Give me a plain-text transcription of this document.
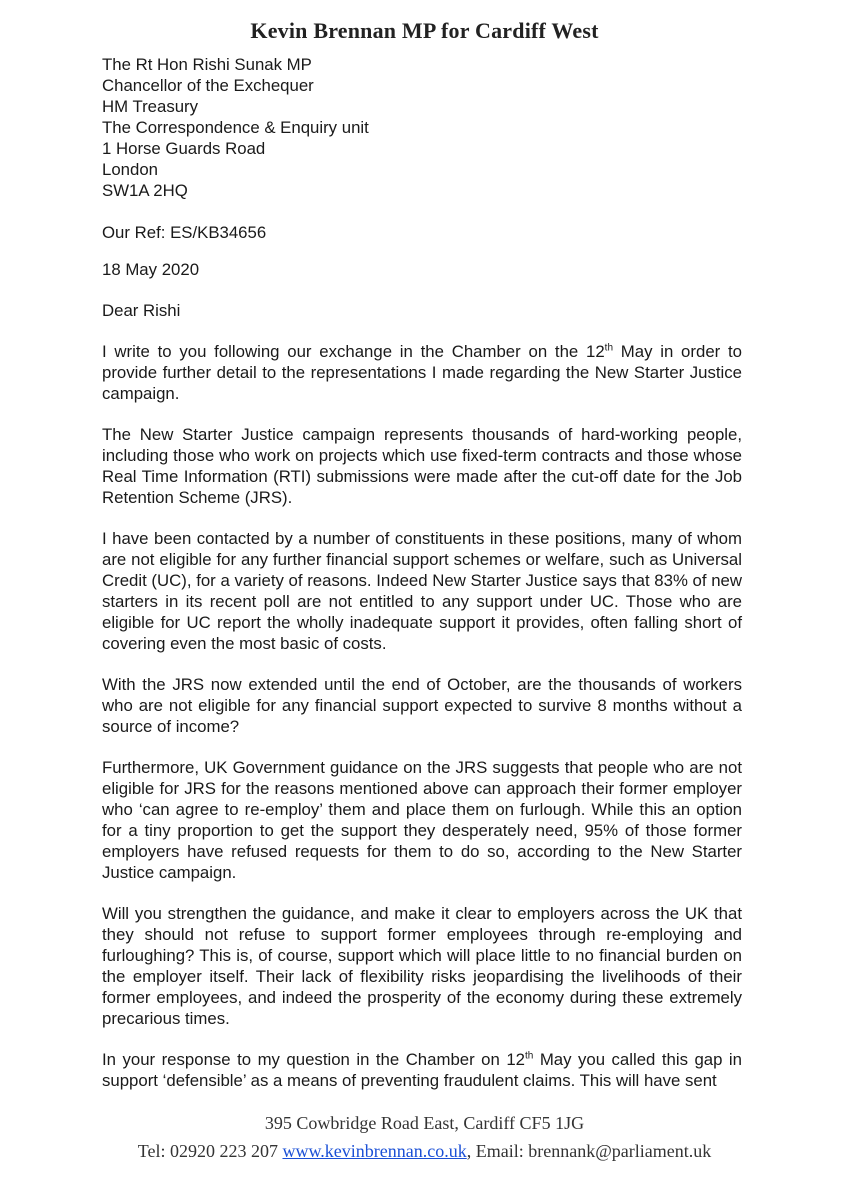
Kevin Brennan MP for Cardiff West
The Rt Hon Rishi Sunak MP
Chancellor of the Exchequer
HM Treasury
The Correspondence & Enquiry unit
1 Horse Guards Road
London
SW1A 2HQ
Our Ref: ES/KB34656
18 May 2020
Dear Rishi
I write to you following our exchange in the Chamber on the 12th May in order to provide further detail to the representations I made regarding the New Starter Justice campaign.
The New Starter Justice campaign represents thousands of hard-working people, including those who work on projects which use fixed-term contracts and those whose Real Time Information (RTI) submissions were made after the cut-off date for the Job Retention Scheme (JRS).
I have been contacted by a number of constituents in these positions, many of whom are not eligible for any further financial support schemes or welfare, such as Universal Credit (UC), for a variety of reasons. Indeed New Starter Justice says that 83% of new starters in its recent poll are not entitled to any support under UC. Those who are eligible for UC report the wholly inadequate support it provides, often falling short of covering even the most basic of costs.
With the JRS now extended until the end of October, are the thousands of workers who are not eligible for any financial support expected to survive 8 months without a source of income?
Furthermore, UK Government guidance on the JRS suggests that people who are not eligible for JRS for the reasons mentioned above can approach their former employer who ‘can agree to re-employ’ them and place them on furlough. While this an option for a tiny proportion to get the support they desperately need, 95% of those former employers have refused requests for them to do so, according to the New Starter Justice campaign.
Will you strengthen the guidance, and make it clear to employers across the UK that they should not refuse to support former employees through re-employing and furloughing? This is, of course, support which will place little to no financial burden on the employer itself. Their lack of flexibility risks jeopardising the livelihoods of their former employees, and indeed the prosperity of the economy during these extremely precarious times.
In your response to my question in the Chamber on 12th May you called this gap in support ‘defensible’ as a means of preventing fraudulent claims. This will have sent
395 Cowbridge Road East, Cardiff CF5 1JG
Tel: 02920 223 207 www.kevinbrennan.co.uk, Email: brennank@parliament.uk
